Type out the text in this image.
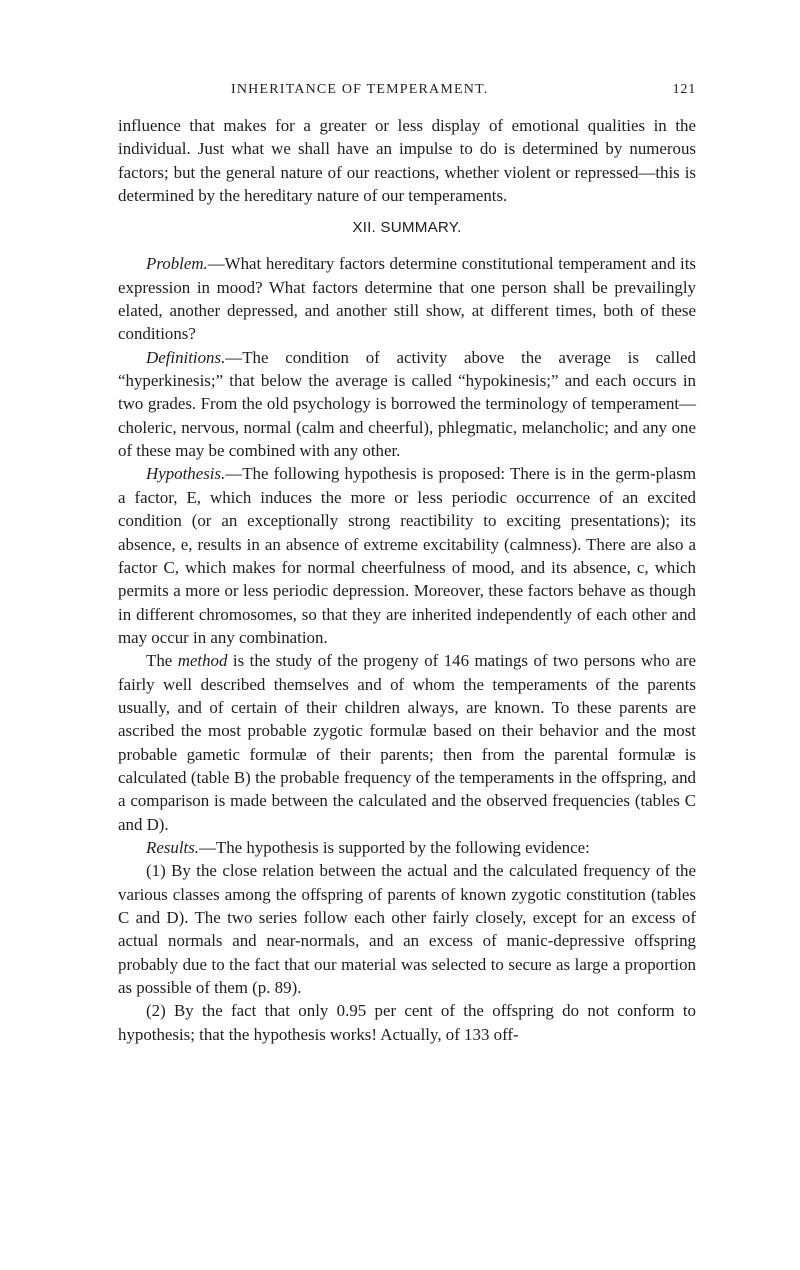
INHERITANCE OF TEMPERAMENT.	121

influence that makes for a greater or less display of emotional qualities in the individual. Just what we shall have an impulse to do is determined by numerous factors; but the general nature of our reactions, whether violent or repressed—this is determined by the hereditary nature of our temperaments.

XII. SUMMARY.

Problem.—What hereditary factors determine constitutional temperament and its expression in mood? What factors determine that one person shall be prevailingly elated, another depressed, and another still show, at different times, both of these conditions?

Definitions.—The condition of activity above the average is called “hyperkinesis;” that below the average is called “hypokinesis;” and each occurs in two grades. From the old psychology is borrowed the terminology of temperament—choleric, nervous, normal (calm and cheerful), phlegmatic, melancholic; and any one of these may be combined with any other.

Hypothesis.—The following hypothesis is proposed: There is in the germ-plasm a factor, E, which induces the more or less periodic occurrence of an excited condition (or an exceptionally strong reactibility to exciting presentations); its absence, e, results in an absence of extreme excitability (calmness). There are also a factor C, which makes for normal cheerfulness of mood, and its absence, c, which permits a more or less periodic depression. Moreover, these factors behave as though in different chromosomes, so that they are inherited independently of each other and may occur in any combination.

The method is the study of the progeny of 146 matings of two persons who are fairly well described themselves and of whom the temperaments of the parents usually, and of certain of their children always, are known. To these parents are ascribed the most probable zygotic formulæ based on their behavior and the most probable gametic formulæ of their parents; then from the parental formulæ is calculated (table B) the probable frequency of the temperaments in the offspring, and a comparison is made between the calculated and the observed frequencies (tables C and D).

Results.—The hypothesis is supported by the following evidence:

(1) By the close relation between the actual and the calculated frequency of the various classes among the offspring of parents of known zygotic constitution (tables C and D). The two series follow each other fairly closely, except for an excess of actual normals and near-normals, and an excess of manic-depressive offspring probably due to the fact that our material was selected to secure as large a proportion as possible of them (p. 89).

(2) By the fact that only 0.95 per cent of the offspring do not conform to hypothesis; that the hypothesis works! Actually, of 133 off-
